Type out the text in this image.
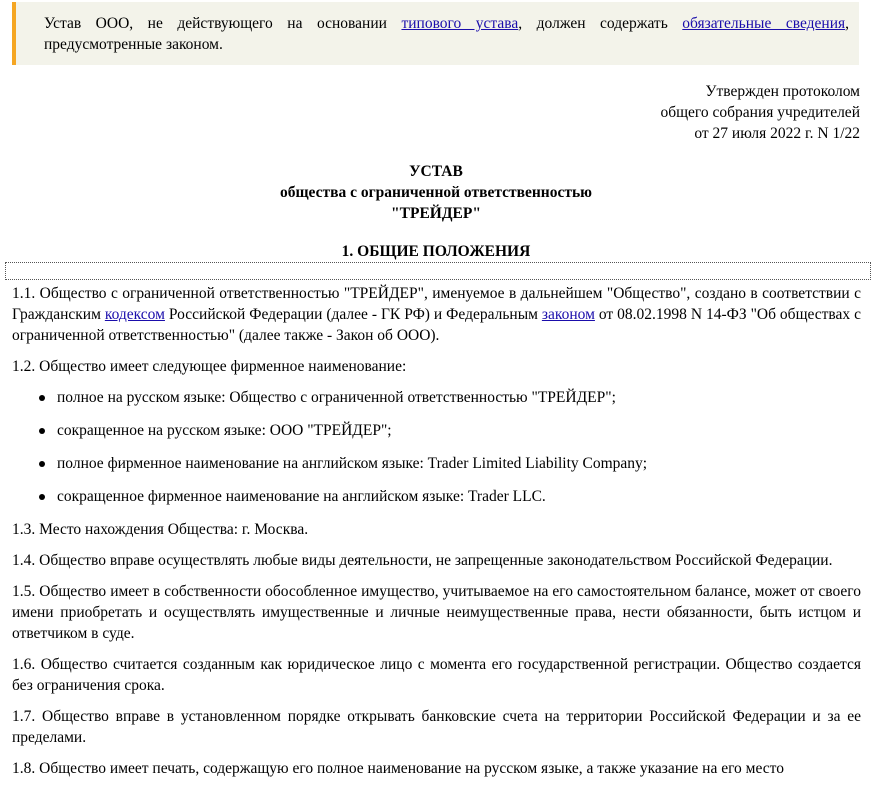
Устав ООО, не действующего на основании типового устава, должен содержать обязательные сведения, предусмотренные законом.
Утвержден протоколом
общего собрания учредителей
от 27 июля 2022 г. N 1/22
УСТАВ
общества с ограниченной ответственностью
"ТРЕЙДЕР"
1. ОБЩИЕ ПОЛОЖЕНИЯ

1.1. Общество с ограниченной ответственностью "ТРЕЙДЕР", именуемое в дальнейшем "Общество", создано в соответствии с Гражданским кодексом Российской Федерации (далее - ГК РФ) и Федеральным законом от 08.02.1998 N 14-ФЗ "Об обществах с ограниченной ответственностью" (далее также - Закон об ООО).

1.2. Общество имеет следующее фирменное наименование:

полное на русском языке: Общество с ограниченной ответственностью "ТРЕЙДЕР";
сокращенное на русском языке: ООО "ТРЕЙДЕР";
полное фирменное наименование на английском языке: Trader Limited Liability Company;
сокращенное фирменное наименование на английском языке: Trader LLC.

1.3. Место нахождения Общества: г. Москва.

1.4. Общество вправе осуществлять любые виды деятельности, не запрещенные законодательством Российской Федерации.

1.5. Общество имеет в собственности обособленное имущество, учитываемое на его самостоятельном балансе, может от своего имени приобретать и осуществлять имущественные и личные неимущественные права, нести обязанности, быть истцом и ответчиком в суде.

1.6. Общество считается созданным как юридическое лицо с момента его государственной регистрации. Общество создается без ограничения срока.

1.7. Общество вправе в установленном порядке открывать банковские счета на территории Российской Федерации и за ее пределами.

1.8. Общество имеет печать, содержащую его полное наименование на русском языке, а также указание на его место
